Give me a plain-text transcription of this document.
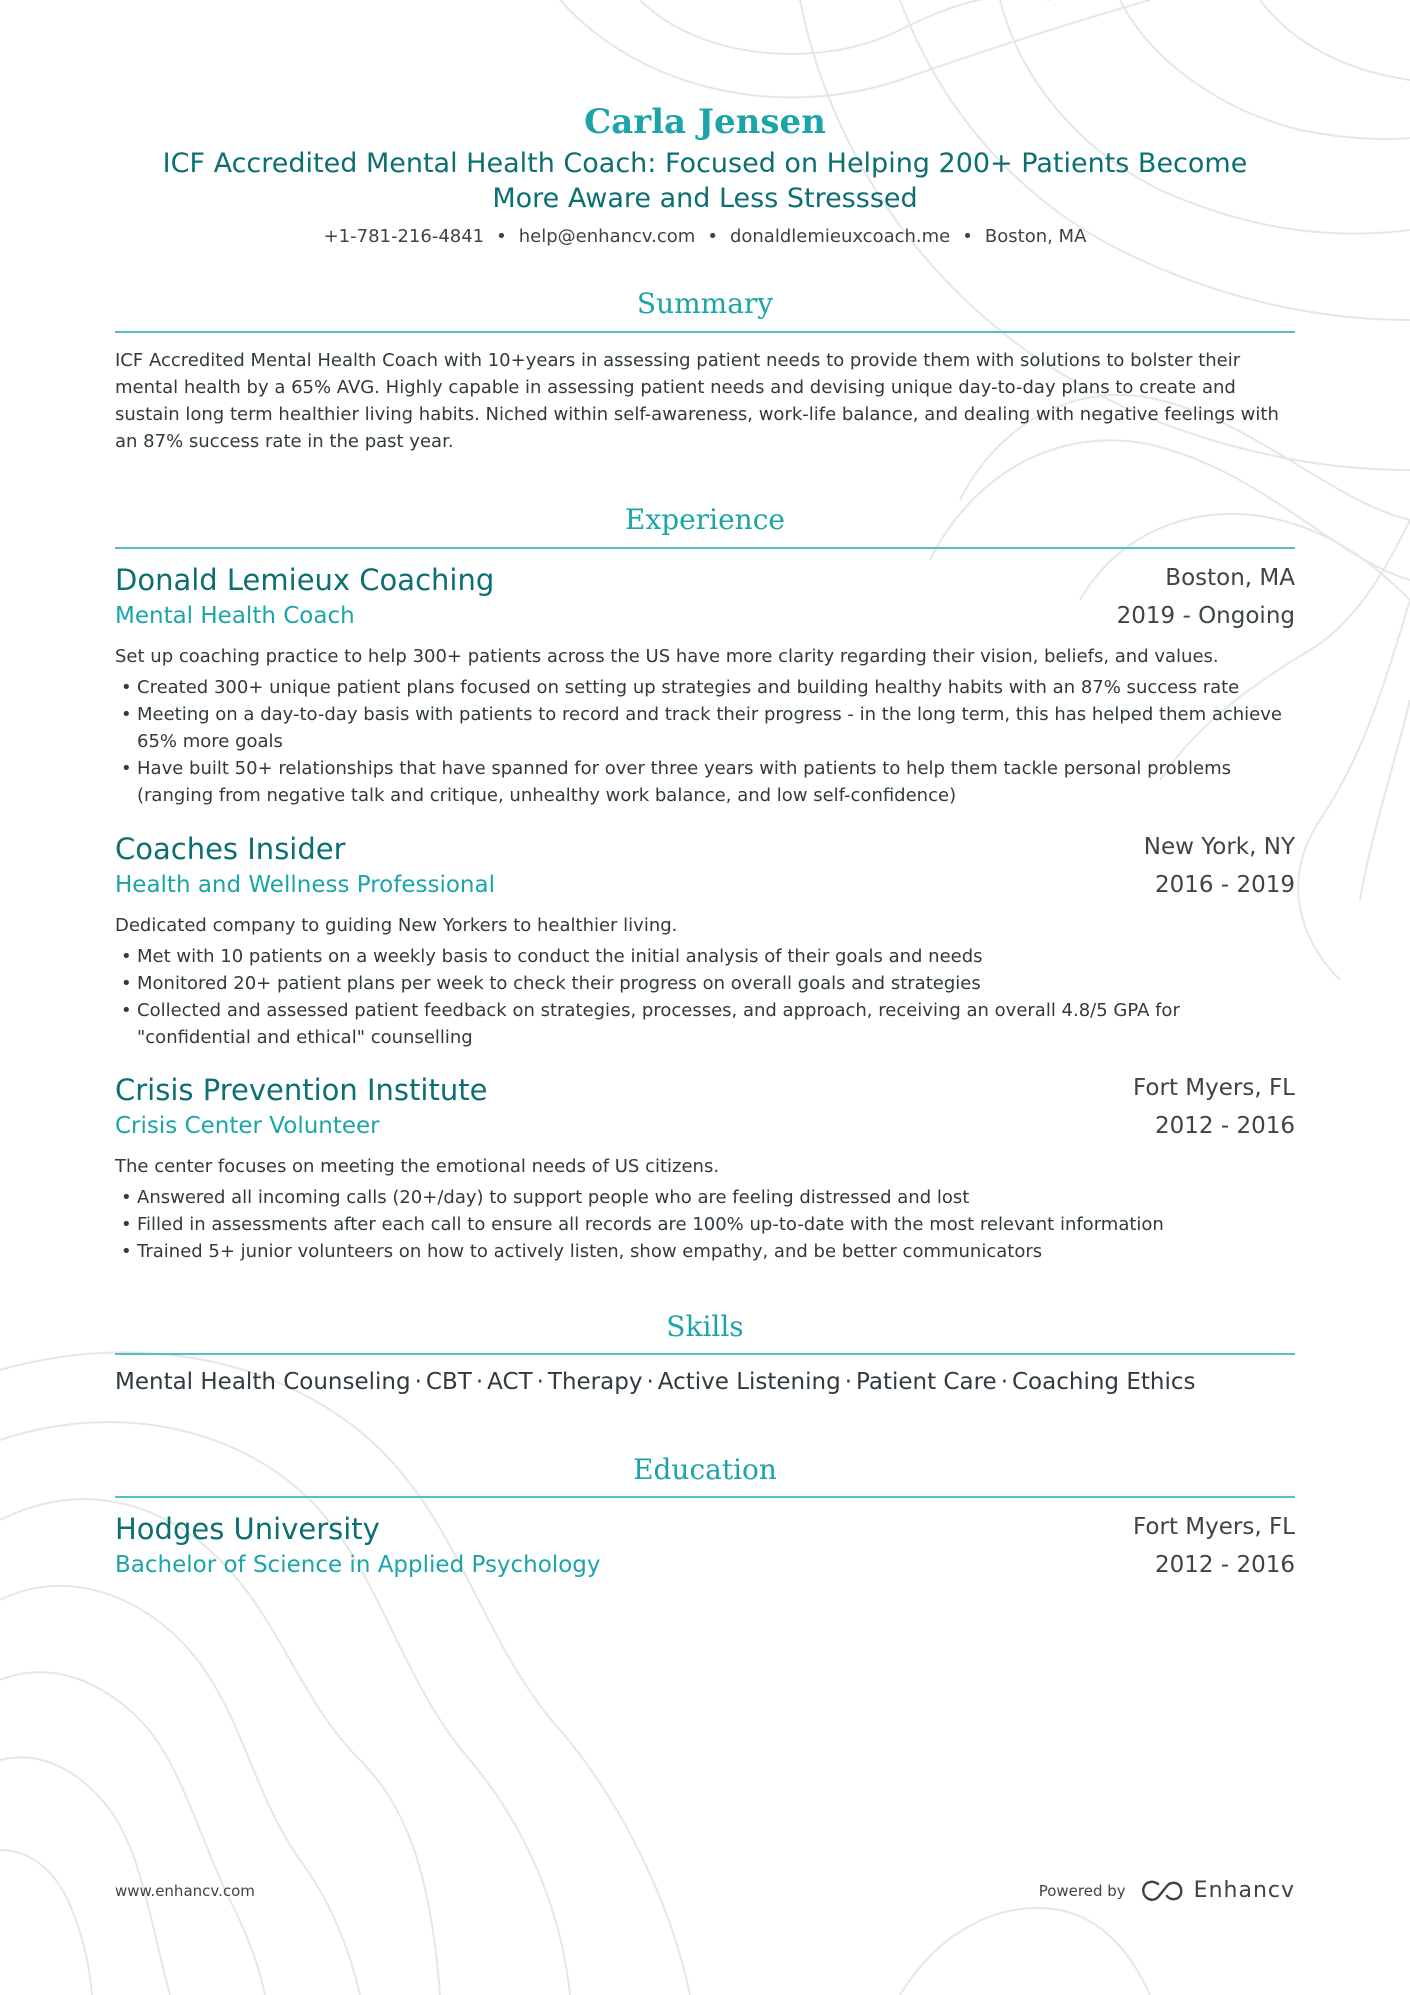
Carla Jensen
ICF Accredited Mental Health Coach: Focused on Helping 200+ Patients Become
More Aware and Less Stresssed
+1-781-216-4841 • help@enhancv.com • donaldlemieuxcoach.me • Boston, MA
Summary
ICF Accredited Mental Health Coach with 10+years in assessing patient needs to provide them with solutions to bolster their mental health by a 65% AVG. Highly capable in assessing patient needs and devising unique day-to-day plans to create and sustain long term healthier living habits. Niched within self-awareness, work-life balance, and dealing with negative feelings with an 87% success rate in the past year.
Experience
Donald Lemieux Coaching	Boston, MA
Mental Health Coach	2019 - Ongoing
Set up coaching practice to help 300+ patients across the US have more clarity regarding their vision, beliefs, and values.
• Created 300+ unique patient plans focused on setting up strategies and building healthy habits with an 87% success rate
• Meeting on a day-to-day basis with patients to record and track their progress - in the long term, this has helped them achieve 65% more goals
• Have built 50+ relationships that have spanned for over three years with patients to help them tackle personal problems (ranging from negative talk and critique, unhealthy work balance, and low self-confidence)
Coaches Insider	New York, NY
Health and Wellness Professional	2016 - 2019
Dedicated company to guiding New Yorkers to healthier living.
• Met with 10 patients on a weekly basis to conduct the initial analysis of their goals and needs
• Monitored 20+ patient plans per week to check their progress on overall goals and strategies
• Collected and assessed patient feedback on strategies, processes, and approach, receiving an overall 4.8/5 GPA for "confidential and ethical" counselling
Crisis Prevention Institute	Fort Myers, FL
Crisis Center Volunteer	2012 - 2016
The center focuses on meeting the emotional needs of US citizens.
• Answered all incoming calls (20+/day) to support people who are feeling distressed and lost
• Filled in assessments after each call to ensure all records are 100% up-to-date with the most relevant information
• Trained 5+ junior volunteers on how to actively listen, show empathy, and be better communicators
Skills
Mental Health Counseling · CBT · ACT · Therapy · Active Listening · Patient Care · Coaching Ethics
Education
Hodges University	Fort Myers, FL
Bachelor of Science in Applied Psychology	2012 - 2016
www.enhancv.com	Powered by	Enhancv
